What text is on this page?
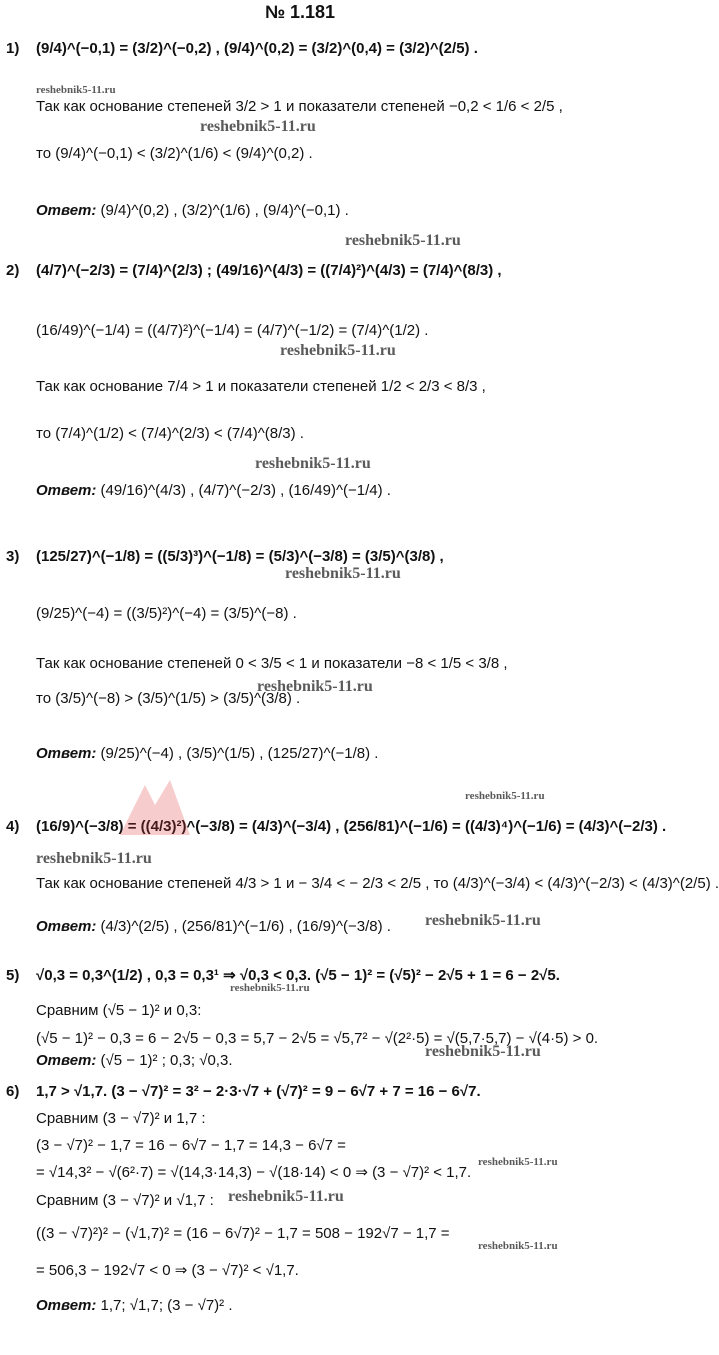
№ 1.181
1) (9/4)^(−0,1) = (3/2)^(−0,2) , (9/4)^(0,2) = (3/2)^(0,4) = (3/2)^(2/5) .
Так как основание степеней 3/2 > 1 и показатели степеней −0,2 < 1/6 < 2/5 ,
то (9/4)^(−0,1) < (3/2)^(1/6) < (9/4)^(0,2) .
Ответ: (9/4)^(0,2) , (3/2)^(1/6) , (9/4)^(−0,1) .
2) (4/7)^(−2/3) = (7/4)^(2/3) ; (49/16)^(4/3) = ((7/4)²)^(4/3) = (7/4)^(8/3) ,
(16/49)^(−1/4) = ((4/7)²)^(−1/4) = (4/7)^(−1/2) = (7/4)^(1/2) .
Так как основание 7/4 > 1 и показатели степеней 1/2 < 2/3 < 8/3 ,
то (7/4)^(1/2) < (7/4)^(2/3) < (7/4)^(8/3) .
Ответ: (49/16)^(4/3) , (4/7)^(−2/3) , (16/49)^(−1/4) .
3) (125/27)^(−1/8) = ((5/3)³)^(−1/8) = (5/3)^(−3/8) = (3/5)^(3/8) ,
(9/25)^(−4) = ((3/5)²)^(−4) = (3/5)^(−8) .
Так как основание степеней 0 < 3/5 < 1 и показатели −8 < 1/5 < 3/8 ,
то (3/5)^(−8) > (3/5)^(1/5) > (3/5)^(3/8) .
Ответ: (9/25)^(−4) , (3/5)^(1/5) , (125/27)^(−1/8) .
4) (16/9)^(−3/8) = ((4/3)²)^(−3/8) = (4/3)^(−3/4) , (256/81)^(−1/6) = ((4/3)⁴)^(−1/6) = (4/3)^(−2/3) .
Так как основание степеней 4/3 > 1 и − 3/4 < − 2/3 < 2/5 , то (4/3)^(−3/4) < (4/3)^(−2/3) < (4/3)^(2/5) .
Ответ: (4/3)^(2/5) , (256/81)^(−1/6) , (16/9)^(−3/8) .
5) √0,3 = 0,3^(1/2) , 0,3 = 0,3¹ ⇒ √0,3 < 0,3. (√5 − 1)² = (√5)² − 2√5 + 1 = 6 − 2√5.
Сравним (√5 − 1)² и 0,3:
(√5 − 1)² − 0,3 = 6 − 2√5 − 0,3 = 5,7 − 2√5 = √5,7² − √(2²·5) = √(5,7·5,7) − √(4·5) > 0.
Ответ: (√5 − 1)² ; 0,3; √0,3.
6) 1,7 > √1,7. (3 − √7)² = 3² − 2·3·√7 + (√7)² = 9 − 6√7 + 7 = 16 − 6√7.
Сравним (3 − √7)² и 1,7 :
(3 − √7)² − 1,7 = 16 − 6√7 − 1,7 = 14,3 − 6√7 =
= √14,3² − √(6²·7) = √(14,3·14,3) − √(18·14) < 0 ⇒ (3 − √7)² < 1,7.
Сравним (3 − √7)² и √1,7 :
((3 − √7)²)² − (√1,7)² = (16 − 6√7)² − 1,7 = 508 − 192√7 − 1,7 =
= 506,3 − 192√7 < 0 ⇒ (3 − √7)² < √1,7.
Ответ: 1,7; √1,7; (3 − √7)² .
reshebnik5-11.ru
reshebnik5-11.ru
reshebnik5-11.ru
reshebnik5-11.ru
reshebnik5-11.ru
reshebnik5-11.ru
reshebnik5-11.ru
reshebnik5-11.ru
reshebnik5-11.ru
reshebnik5-11.ru
reshebnik5-11.ru
reshebnik5-11.ru
reshebnik5-11.ru
reshebnik5-11.ru
reshebnik5-11.ru
